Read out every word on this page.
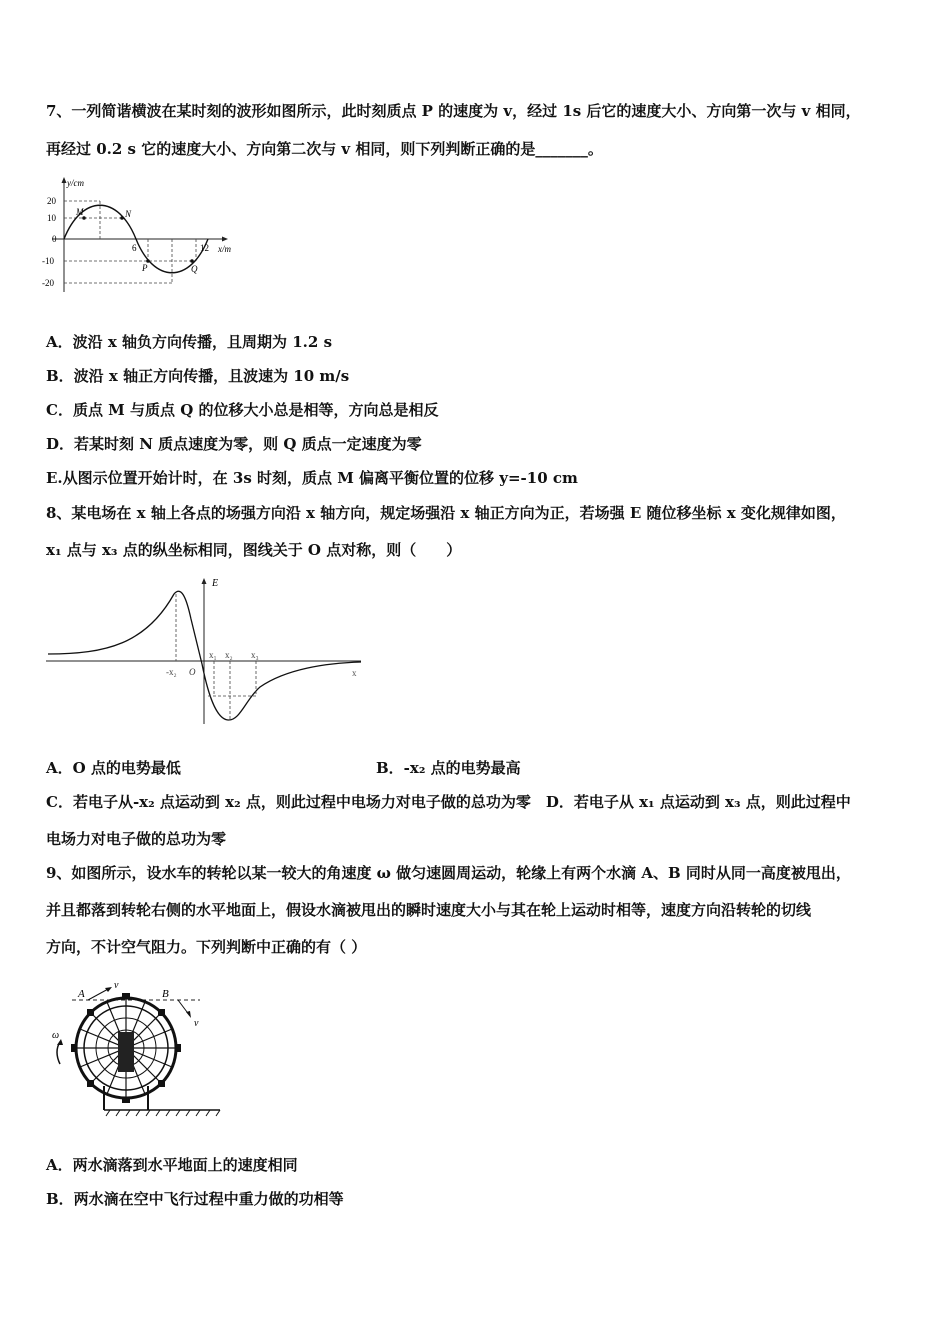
7、一列简谐横波在某时刻的波形如图所示，此时刻质点 P 的速度为 v，经过 1s 后它的速度大小、方向第一次与 v 相同，
再经过 0.2 s 它的速度大小、方向第二次与 v 相同，则下列判断正确的是_______。
y/cm
x/m
20
10
0
-10
-20
6	12
M	N
P	Q
A．波沿 x 轴负方向传播，且周期为 1.2 s
B．波沿 x 轴正方向传播，且波速为 10 m/s
C．质点 M 与质点 Q 的位移大小总是相等，方向总是相反
D．若某时刻 N 质点速度为零，则 Q 质点一定速度为零
E.从图示位置开始计时，在 3s 时刻，质点 M 偏离平衡位置的位移 y=-10 cm
8、某电场在 x 轴上各点的场强方向沿 x 轴方向，规定场强沿 x 轴正方向为正，若场强 E 随位移坐标 x 变化规律如图，
x₁ 点与 x₃ 点的纵坐标相同，图线关于 O 点对称，则（　　）
E
x
O
-x₂
x₁ x₂ x₃
A．O 点的电势最低	B．-x₂ 点的电势最高
C．若电子从-x₂ 点运动到 x₂ 点，则此过程中电场力对电子做的总功为零　D．若电子从 x₁ 点运动到 x₃ 点，则此过程中
电场力对电子做的总功为零
9、如图所示，设水车的转轮以某一较大的角速度 ω 做匀速圆周运动，轮缘上有两个水滴 A、B 同时从同一高度被甩出，
并且都落到转轮右侧的水平地面上，假设水滴被甩出的瞬时速度大小与其在轮上运动时相等，速度方向沿转轮的切线
方向，不计空气阻力。下列判断中正确的有（ ）
A	B
v
v
ω
A．两水滴落到水平地面上的速度相同
B．两水滴在空中飞行过程中重力做的功相等
